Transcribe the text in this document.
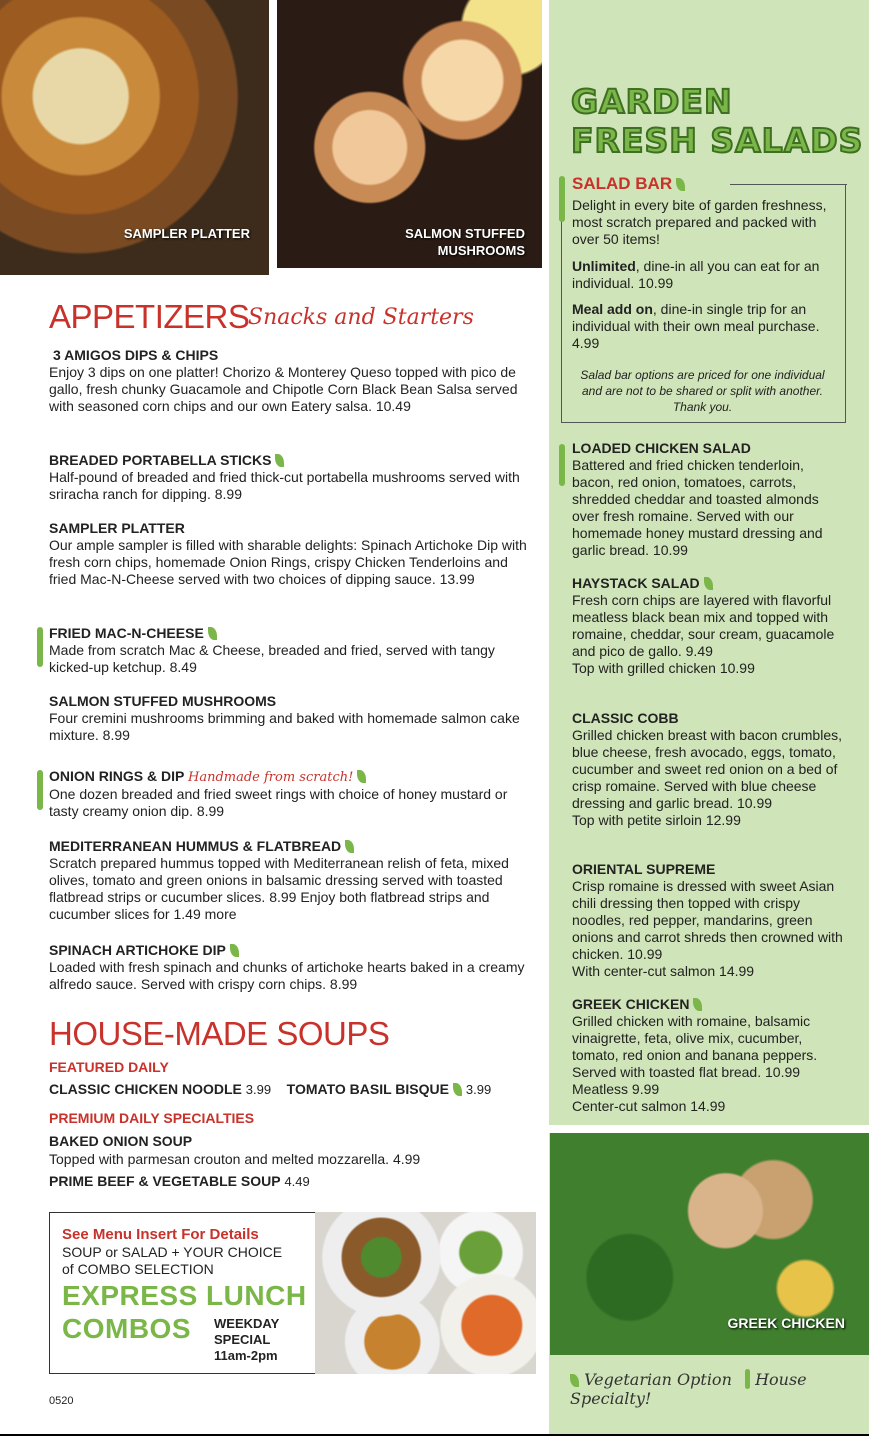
SAMPLER PLATTER	SALMON STUFFED
MUSHROOMS
APPETIZERS
Snacks and Starters
3 AMIGOS DIPS & CHIPS
Enjoy 3 dips on one platter! Chorizo & Monterey Queso topped with pico de gallo, fresh chunky Guacamole and Chipotle Corn Black Bean Salsa served with seasoned corn chips and our own Eatery salsa. 10.49
BREADED PORTABELLA STICKS
Half-pound of breaded and fried thick-cut portabella mushrooms served with sriracha ranch for dipping. 8.99
SAMPLER PLATTER
Our ample sampler is filled with sharable delights: Spinach Artichoke Dip with fresh corn chips, homemade Onion Rings, crispy Chicken Tenderloins and fried Mac-N-Cheese served with two choices of dipping sauce. 13.99
FRIED MAC-N-CHEESE
Made from scratch Mac & Cheese, breaded and fried, served with tangy kicked-up ketchup. 8.49
SALMON STUFFED MUSHROOMS
Four cremini mushrooms brimming and baked with homemade salmon cake mixture. 8.99
ONION RINGS & DIP Handmade from scratch!
One dozen breaded and fried sweet rings with choice of honey mustard or tasty creamy onion dip. 8.99
MEDITERRANEAN HUMMUS & FLATBREAD
Scratch prepared hummus topped with Mediterranean relish of feta, mixed olives, tomato and green onions in balsamic dressing served with toasted flatbread strips or cucumber slices. 8.99 Enjoy both flatbread strips and cucumber slices for 1.49 more
SPINACH ARTICHOKE DIP
Loaded with fresh spinach and chunks of artichoke hearts baked in a creamy alfredo sauce. Served with crispy corn chips. 8.99
HOUSE-MADE SOUPS
FEATURED DAILY
CLASSIC CHICKEN NOODLE 3.99 TOMATO BASIL BISQUE 3.99
PREMIUM DAILY SPECIALTIES
BAKED ONION SOUP
Topped with parmesan crouton and melted mozzarella. 4.99
PRIME BEEF & VEGETABLE SOUP 4.49
See Menu Insert For Details
SOUP or SALAD + YOUR CHOICE
of COMBO SELECTION
EXPRESS LUNCH
COMBOS WEEKDAY
SPECIAL
11am-2pm
0520
GARDEN
FRESH SALADS
SALAD BAR
Delight in every bite of garden freshness, most scratch prepared and packed with over 50 items!
Unlimited, dine-in all you can eat for an individual. 10.99
Meal add on, dine-in single trip for an individual with their own meal purchase. 4.99
Salad bar options are priced for one individual and are not to be shared or split with another. Thank you.
LOADED CHICKEN SALAD
Battered and fried chicken tenderloin, bacon, red onion, tomatoes, carrots, shredded cheddar and toasted almonds over fresh romaine. Served with our homemade honey mustard dressing and garlic bread. 10.99
HAYSTACK SALAD
Fresh corn chips are layered with flavorful meatless black bean mix and topped with romaine, cheddar, sour cream, guacamole and pico de gallo. 9.49
Top with grilled chicken 10.99
CLASSIC COBB
Grilled chicken breast with bacon crumbles, blue cheese, fresh avocado, eggs, tomato, cucumber and sweet red onion on a bed of crisp romaine. Served with blue cheese dressing and garlic bread. 10.99
Top with petite sirloin 12.99
ORIENTAL SUPREME
Crisp romaine is dressed with sweet Asian chili dressing then topped with crispy noodles, red pepper, mandarins, green onions and carrot shreds then crowned with chicken. 10.99
With center-cut salmon 14.99
GREEK CHICKEN
Grilled chicken with romaine, balsamic vinaigrette, feta, olive mix, cucumber, tomato, red onion and banana peppers. Served with toasted flat bread. 10.99 Meatless 9.99
Center-cut salmon 14.99
GREEK CHICKEN
Vegetarian Option House Specialty!
